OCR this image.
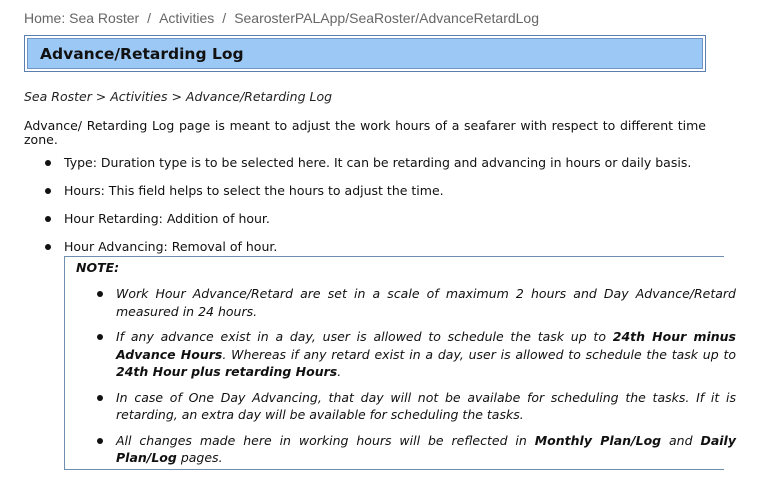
Home: Sea Roster / Activities / SearosterPALApp/SeaRoster/AdvanceRetardLog
Advance/Retarding Log
Sea Roster > Activities > Advance/Retarding Log
Advance/ Retarding Log page is meant to adjust the work hours of a seafarer with respect to different time zone.
Type: Duration type is to be selected here. It can be retarding and advancing in hours or daily basis.
Hours: This field helps to select the hours to adjust the time.
Hour Retarding: Addition of hour.
Hour Advancing: Removal of hour.
NOTE:
Work Hour Advance/Retard are set in a scale of maximum 2 hours and Day Advance/Retard measured in 24 hours.
If any advance exist in a day, user is allowed to schedule the task up to 24th Hour minus Advance Hours. Whereas if any retard exist in a day, user is allowed to schedule the task up to 24th Hour plus retarding Hours.
In case of One Day Advancing, that day will not be availabe for scheduling the tasks. If it is retarding, an extra day will be available for scheduling the tasks.
All changes made here in working hours will be reflected in Monthly Plan/Log and Daily Plan/Log pages.
